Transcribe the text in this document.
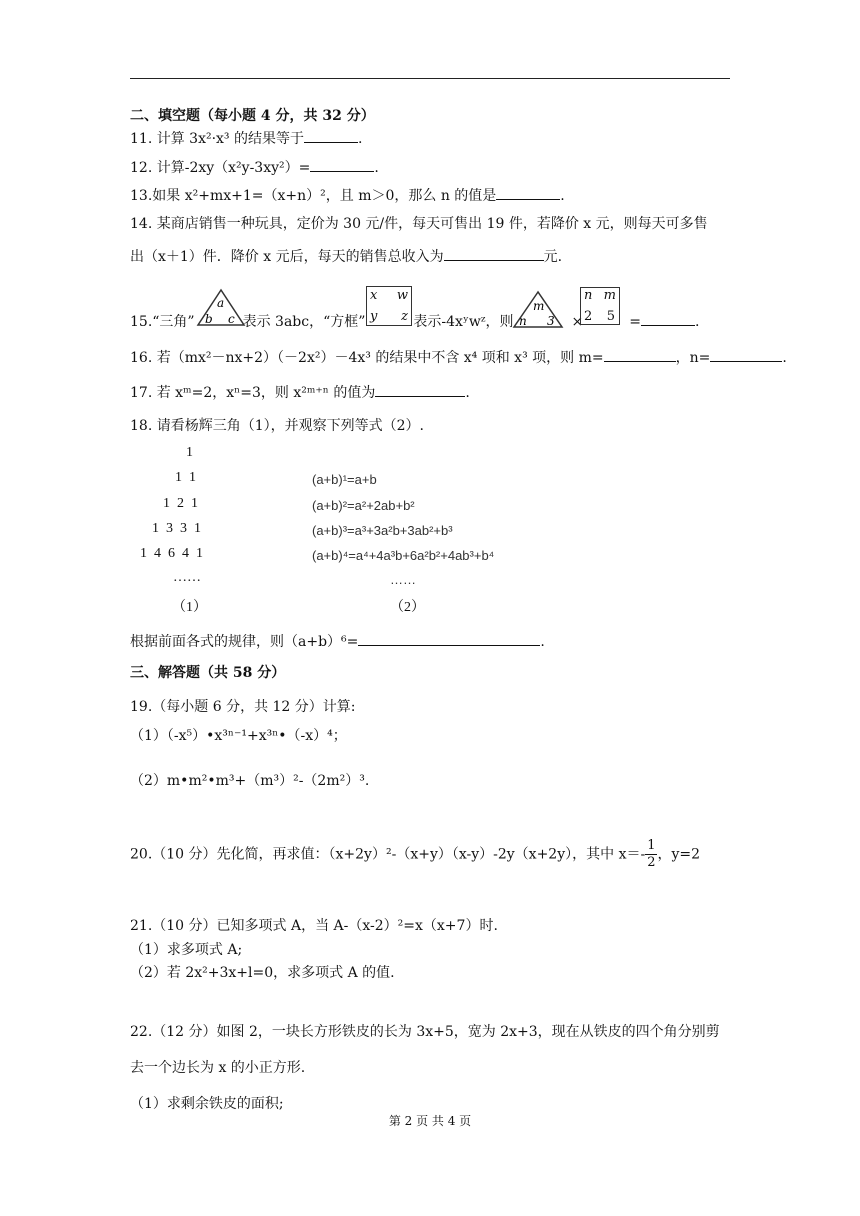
二、填空题（每小题 4 分，共 32 分）
11. 计算 3x²·x³ 的结果等于	.
12. 计算-2xy（x²y-3xy²）=	.
13.如果 x²+mx+1=（x+n）²，且 m＞0，那么 n 的值是	.
14. 某商店销售一种玩具，定价为 30 元/件，每天可售出 19 件，若降价 x 元，则每天可多售
出（x＋1）件．降价 x 元后，每天的销售总收入为	元.
15.“三角”	表示 3abc，“方框”	表示-4xʸwᶻ，则	×	=	.
a
b c
x w
y z
m
n 3
n m
2 5
16. 若（mx²－nx+2）（－2x²）－4x³ 的结果中不含 x⁴ 项和 x³ 项，则 m=	，n=	.
17. 若 xᵐ=2，xⁿ=3，则 x²ᵐ⁺ⁿ 的值为	.
18. 请看杨辉三角（1），并观察下列等式（2）.
1
1  1
1  2  1
1  3  3  1
1  4  6  4  1
……
（1）
(a+b)¹=a+b
(a+b)²=a²+2ab+b²
(a+b)³=a³+3a²b+3ab²+b³
(a+b)⁴=a⁴+4a³b+6a²b²+4ab³+b⁴
……
（2）
根据前面各式的规律，则（a+b）⁶=	.
三、解答题（共 58 分）
19.（每小题 6 分，共 12 分）计算:
（1）（-x⁵）•x³ⁿ⁻¹+x³ⁿ•（-x）⁴；
（2）m•m²•m³+（m³）²-（2m²）³.
20.（10 分）先化简，再求值：（x+2y）²-（x+y）（x-y）-2y（x+2y），其中 $x=- \frac{1}{2}$ ，y=2
21.（10 分）已知多项式 A，当 A-（x-2）²=x（x+7）时.
（1）求多项式 A;
（2）若 2x²+3x+l=0，求多项式 A 的值.
22.（12 分）如图 2，一块长方形铁皮的长为 3x+5，宽为 2x+3，现在从铁皮的四个角分别剪
去一个边长为 x 的小正方形.
（1）求剩余铁皮的面积;
第 2 页 共 4 页
